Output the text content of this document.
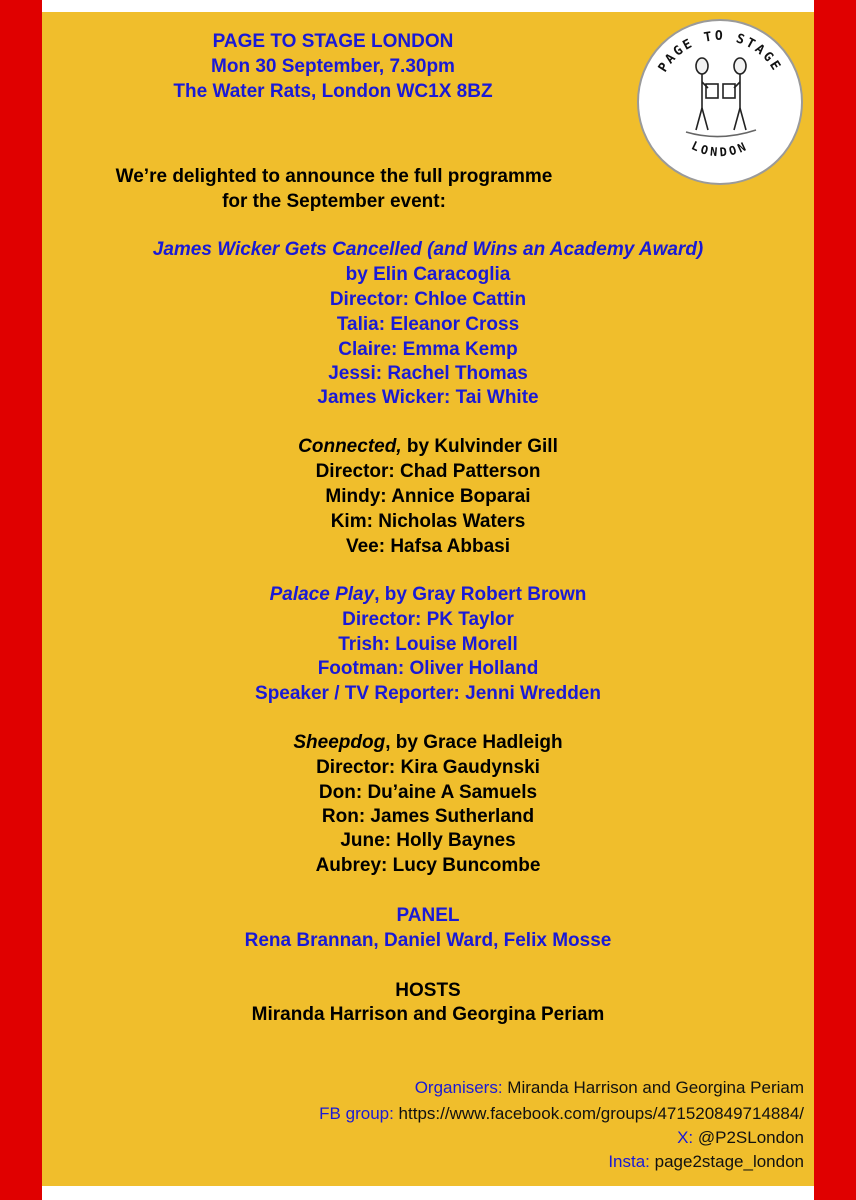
PAGE TO STAGE LONDON
Mon 30 September, 7.30pm
The Water Rats, London WC1X 8BZ
PAGE TO STAGE
LONDON
We’re delighted to announce the full programme
for the September event:
James Wicker Gets Cancelled (and Wins an Academy Award)
by Elin Caracoglia
Director: Chloe Cattin
Talia: Eleanor Cross
Claire: Emma Kemp
Jessi: Rachel Thomas
James Wicker: Tai White
Connected, by Kulvinder Gill
Director: Chad Patterson
Mindy: Annice Boparai
Kim: Nicholas Waters
Vee: Hafsa Abbasi
Palace Play, by Gray Robert Brown
Director: PK Taylor
Trish: Louise Morell
Footman: Oliver Holland
Speaker / TV Reporter: Jenni Wredden
Sheepdog, by Grace Hadleigh
Director: Kira Gaudynski
Don: Du’aine A Samuels
Ron: James Sutherland
June: Holly Baynes
Aubrey: Lucy Buncombe
PANEL
Rena Brannan, Daniel Ward, Felix Mosse
HOSTS
Miranda Harrison and Georgina Periam
Organisers: Miranda Harrison and Georgina Periam
FB group: https://www.facebook.com/groups/471520849714884/
X: @P2SLondon
Insta: page2stage_london
